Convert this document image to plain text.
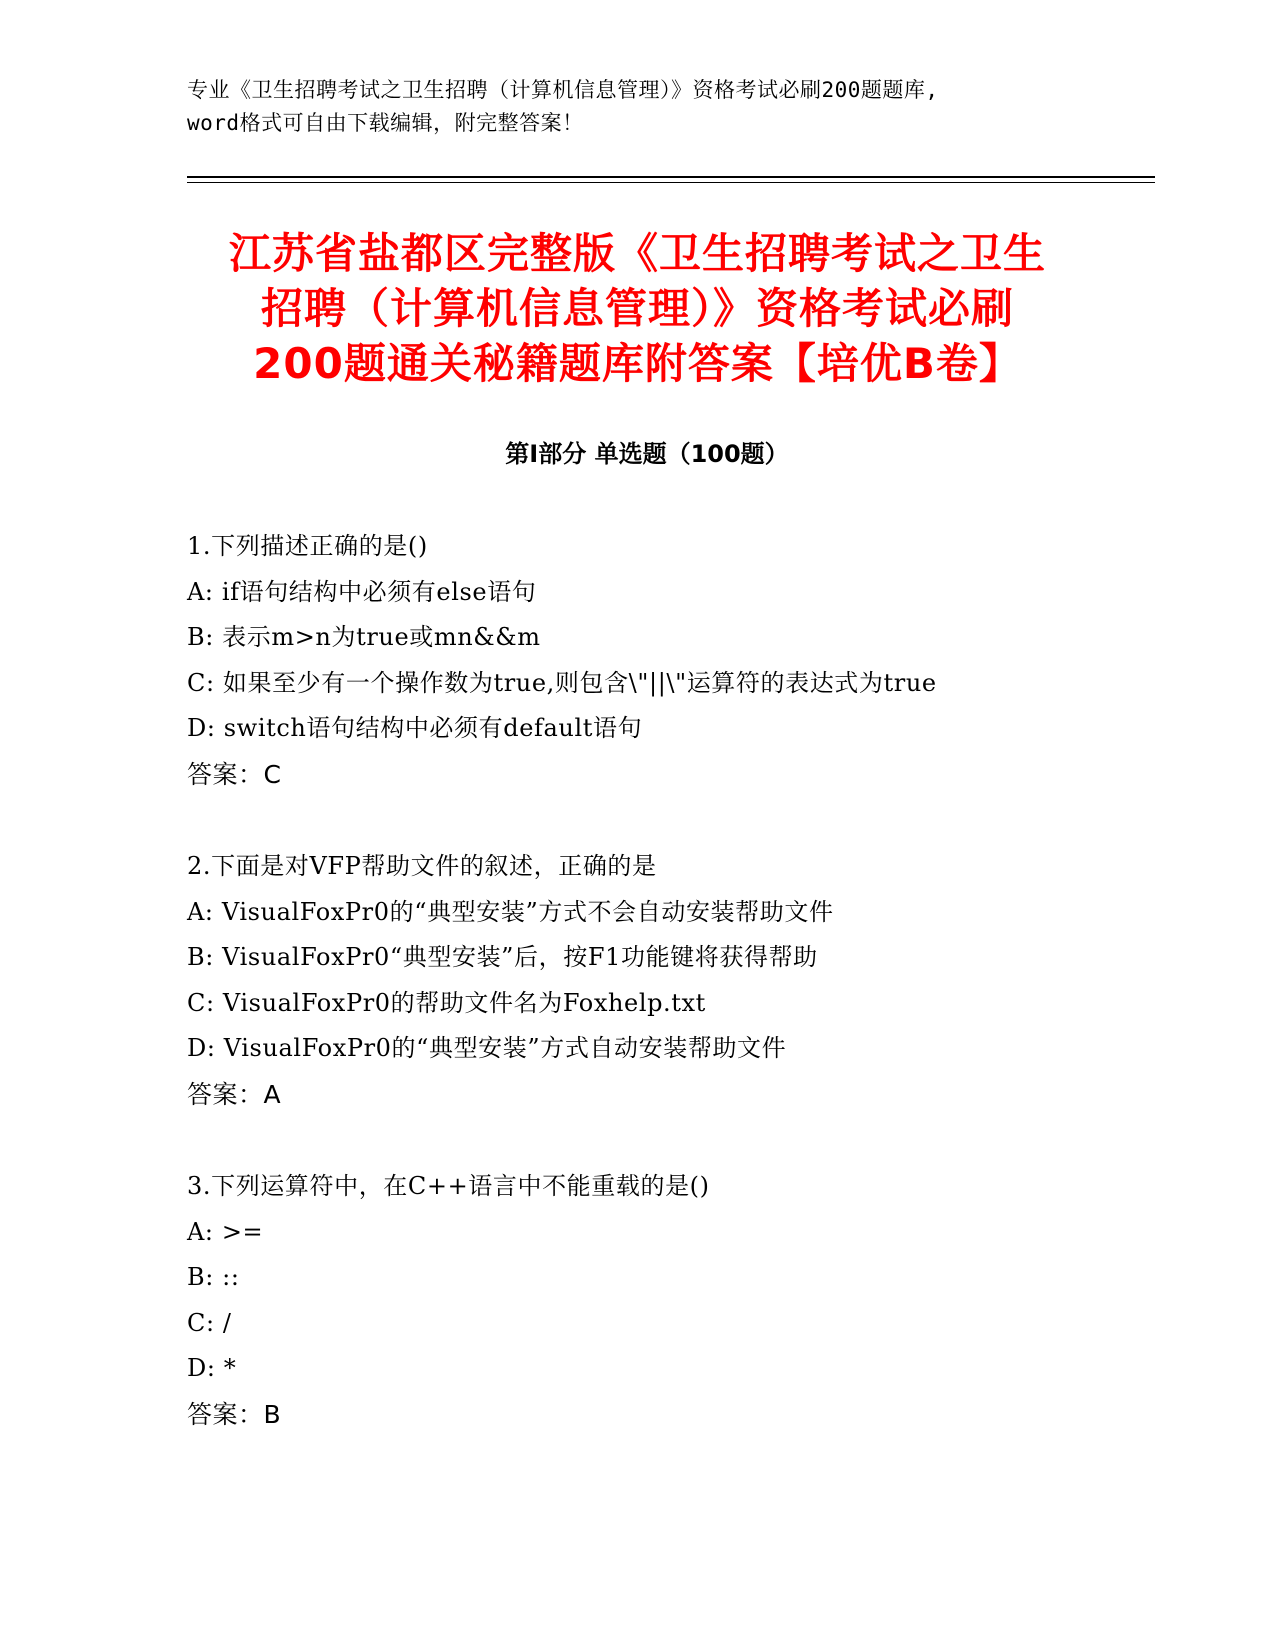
专业《卫生招聘考试之卫生招聘（计算机信息管理）》资格考试必刷200题题库,
word格式可自由下载编辑，附完整答案！
江苏省盐都区完整版《卫生招聘考试之卫生
招聘（计算机信息管理）》资格考试必刷
200题通关秘籍题库附答案【培优B卷】
第Ⅰ部分 单选题（100题）
1.下列描述正确的是()
A: if语句结构中必须有else语句
B: 表示m>n为true或mn&&m
C: 如果至少有一个操作数为true,则包含\"||\"运算符的表达式为true
D: switch语句结构中必须有default语句
答案：C
2.下面是对VFP帮助文件的叙述，正确的是
A: VisualFoxPr0的“典型安装”方式不会自动安装帮助文件
B: VisualFoxPr0“典型安装”后，按F1功能键将获得帮助
C: VisualFoxPr0的帮助文件名为Foxhelp.txt
D: VisualFoxPr0的“典型安装”方式自动安装帮助文件
答案：A
3.下列运算符中，在C++语言中不能重载的是()
A: >=
B: ::
C: /
D: *
答案：B
